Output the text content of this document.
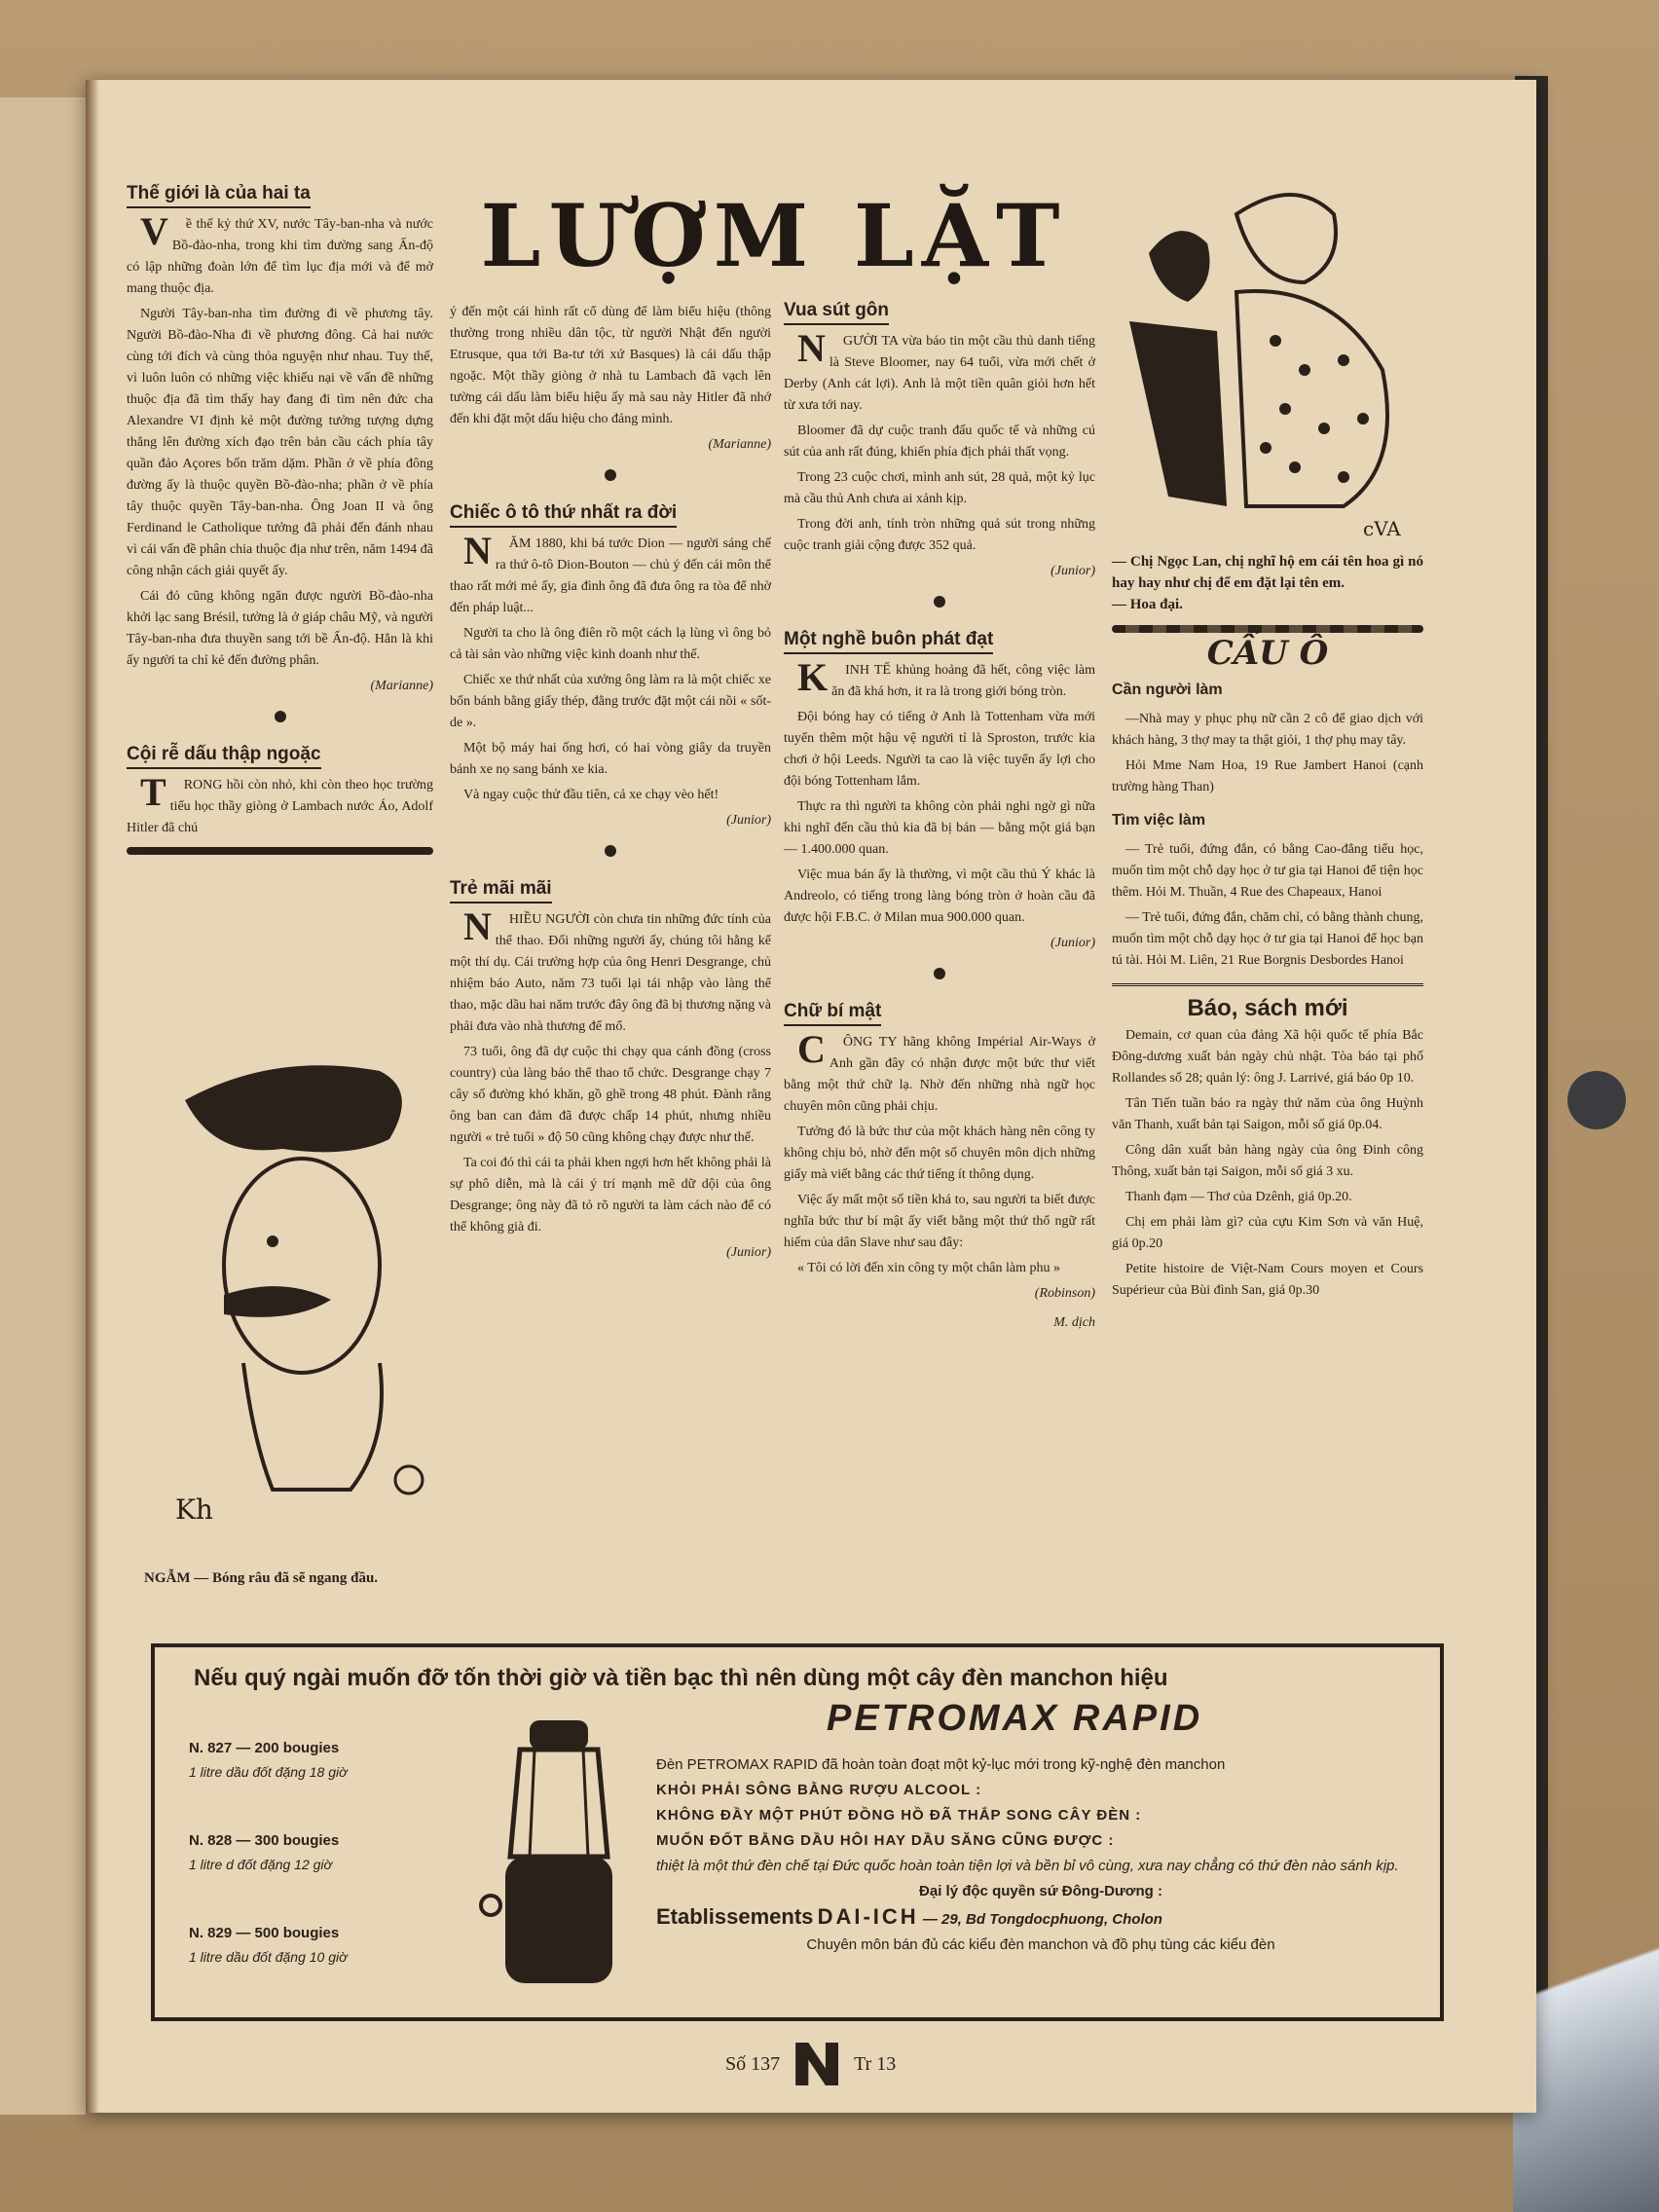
LƯỢM LẶT
Thế giới là của hai ta

Về thế kỷ thứ XV, nước Tây-ban-nha và nước Bồ-đào-nha, trong khi tìm đường sang Ấn-độ có lập những đoàn lớn để tìm lục địa mới và để mở mang thuộc địa.

Người Tây-ban-nha tìm đường đi về phương tây. Người Bồ-đào-Nha đi về phương đông. Cả hai nước cùng tới đích và cùng thỏa nguyện như nhau. Tuy thế, vì luôn luôn có những việc khiếu nại về vấn đề những thuộc địa đã tìm thấy hay đang đi tìm nên đức cha Alexandre VI định kẻ một đường tưởng tượng dựng thẳng lên đường xích đạo trên bản cầu cách phía tây quần đảo Açores bốn trăm dặm. Phần ở về phía đông đường ấy là thuộc quyền Bồ-đào-nha; phần ở về phía tây thuộc quyền Tây-ban-nha. Ông Joan II và ông Ferdinand le Catholique tưởng đã phải đến đánh nhau vì cái vấn đề phân chia thuộc địa như trên, năm 1494 đã công nhận cách giải quyết ấy.

Cái đó cũng không ngăn được người Bồ-đào-nha khởi lạc sang Brésil, tưởng là ở giáp châu Mỹ, và người Tây-ban-nha đưa thuyền sang tới bề Ấn-độ. Hẳn là khi ấy người ta chỉ kẻ đến đường phân.

(Marianne)
Cội rễ dấu thập ngoặc

TRONG hồi còn nhỏ, khi còn theo học trường tiểu học thầy giòng ở Lambach nước Áo, Adolf Hitler đã chú

Kh
NGẪM — Bóng râu đã sẽ ngang đầu.

ý đến một cái hình rất cổ dùng để làm biểu hiệu (thông thường trong nhiều dân tộc, từ người Nhật đến người Etrusque, qua tới Ba-tư tới xứ Basques) là cái dấu thập ngoặc. Một thầy giòng ở nhà tu Lambach đã vạch lên tường cái dấu làm biểu hiệu ấy mà sau này Hitler đã nhớ đến khi đặt một dấu hiệu cho đảng mình.

(Marianne)
Chiếc ô tô thứ nhất ra đời

NĂM 1880, khi bá tước Dion — người sáng chế ra thứ ô-tô Dion-Bouton — chủ ý đến cái môn thể thao rất mới mẻ ấy, gia đình ông đã đưa ông ra tòa để nhờ đến pháp luật...

Người ta cho là ông điên rồ một cách lạ lùng vì ông bỏ cả tài sản vào những việc kinh doanh như thế.

Chiếc xe thứ nhất của xưởng ông làm ra là một chiếc xe bốn bánh bằng giấy thép, đằng trước đặt một cái nồi « sốt-de ».

Một bộ máy hai ống hơi, có hai vòng giây da truyền bánh xe nọ sang bánh xe kia.

Và ngay cuộc thử đầu tiên, cả xe chạy vèo hết!

(Junior)
Trẻ mãi mãi

NHIỀU NGƯỜI còn chưa tin những đức tính của thể thao. Đối những người ấy, chúng tôi hằng kể một thí dụ. Cái trường hợp của ông Henri Desgrange, chủ nhiệm báo Auto, năm 73 tuổi lại tái nhập vào làng thể thao, mặc dầu hai năm trước đây ông đã bị thương nặng và phải đưa vào nhà thương để mổ.

73 tuổi, ông đã dự cuộc thi chạy qua cánh đồng (cross country) của làng báo thể thao tổ chức. Desgrange chạy 7 cây số đường khó khăn, gồ ghề trong 48 phút. Đành rằng ông ban can đảm đã được chấp 14 phút, nhưng nhiều người « trẻ tuổi » độ 50 cũng không chạy được như thế.

Ta coi đó thì cái ta phải khen ngợi hơn hết không phải là sự phô diễn, mà là cái ý trí mạnh mẽ dữ dội của ông Desgrange; ông này đã tỏ rõ người ta làm cách nào để có thể không già đi.

(Junior)
Vua sút gôn

NGƯỜI TA vừa báo tin một cầu thủ danh tiếng là Steve Bloomer, nay 64 tuổi, vừa mới chết ở Derby (Anh cát lợi). Anh là một tiền quân giỏi hơn hết từ xưa tới nay.

Bloomer đã dự cuộc tranh đấu quốc tế và những cú sút của anh rất đúng, khiến phía địch phải thất vọng.

Trong 23 cuộc chơi, mình anh sút, 28 quả, một kỷ lục mà cầu thủ Anh chưa ai xảnh kịp.

Trong đời anh, tính tròn những quả sút trong những cuộc tranh giải cộng được 352 quả.

(Junior)
Một nghề buôn phát đạt

KINH TẾ khủng hoảng đã hết, công việc làm ăn đã khá hơn, it ra là trong giới bóng tròn.

Đội bóng hay có tiếng ở Anh là Tottenham vừa mới tuyển thêm một hậu vệ người tỉ là Sproston, trước kia chơi ở hội Leeds. Người ta cao là việc tuyển ấy lợi cho đội bóng Tottenham lắm.

Thực ra thì người ta không còn phải nghi ngờ gì nữa khi nghĩ đến cầu thủ kia đã bị bán — bằng một giá bạn — 1.400.000 quan.

Việc mua bán ấy là thường, vì một cầu thủ Ý khác là Andreolo, có tiếng trong làng bóng tròn ở hoàn cầu đã được hội F.B.C. ở Milan mua 900.000 quan.

(Junior)
Chữ bí mật

CÔNG TY hãng không Impérial Air-Ways ở Anh gần đây có nhận được một bức thư viết bằng một thứ chữ lạ. Nhờ đến những nhà ngữ học chuyên môn cũng phải chịu.

Tưởng đó là bức thư của một khách hàng nên công ty không chịu bỏ, nhờ đến một số chuyên môn dịch những giấy mà viết bằng các thứ tiếng ít thông dụng.

Việc ấy mất một số tiền khá to, sau người ta biết được nghĩa bức thư bí mật ấy viết bằng một thứ thổ ngữ rất hiếm của dân Slave như sau đây:

« Tôi có lời đến xin công ty một chân làm phu »

(Robinson)
M. dịch
cVA
— Chị Ngọc Lan, chị nghĩ hộ em cái tên hoa gì nó hay hay như chị để em đặt lại tên em.
— Hoa đại.
CẦU Ô
Cần người làm

—Nhà may y phục phụ nữ cần 2 cô để giao dịch với khách hàng, 3 thợ may ta thật giỏi, 1 thợ phụ may tây.

Hỏi Mme Nam Hoa, 19 Rue Jambert Hanoi (cạnh trường hàng Than)

Tìm việc làm

— Trẻ tuổi, đứng đắn, có bằng Cao-đẳng tiểu học, muốn tìm một chỗ dạy học ở tư gia tại Hanoi để tiện học thêm. Hỏi M. Thuần, 4 Rue des Chapeaux, Hanoi

— Trẻ tuổi, đứng đắn, chăm chỉ, có bằng thành chung, muốn tìm một chỗ dạy học ở tư gia tại Hanoi để học bạn tú tài. Hỏi M. Liên, 21 Rue Borgnis Desbordes Hanoi

Báo, sách mới

Demain, cơ quan của đảng Xã hội quốc tế phía Bắc Đông-dương xuất bản ngày chủ nhật. Tòa báo tại phố Rollandes số 28; quản lý: ông J. Larrivé, giá báo 0p 10.

Tân Tiến tuần báo ra ngày thứ năm của ông Huỳnh văn Thanh, xuất bản tại Saigon, mỗi số giá 0p.04.

Công dân xuất bản hàng ngày của ông Đinh công Thông, xuất bản tại Saigon, mỗi số giá 3 xu.

Thanh đạm — Thơ của Dzênh, giá 0p.20.

Chị em phải làm gì? của cựu Kim Sơn và văn Huệ, giá 0p.20

Petite histoire de Việt-Nam Cours moyen et Cours Supérieur của Bùi đình San, giá 0p.30

Nếu quý ngài muốn đỡ tốn thời giờ và tiền bạc thì nên dùng một cây đèn manchon hiệu
PETROMAX RAPID
N. 827 — 200 bougies
1 litre dầu đốt đặng 18 giờ
N. 828 — 300 bougies
1 litre d đốt đặng 12 giờ
N. 829 — 500 bougies
1 litre dầu đốt đặng 10 giờ
Đèn PETROMAX RAPID đã hoàn toàn đoạt một kỷ-lục mới trong kỹ-nghệ đèn manchon
KHỎI PHẢI SÔNG BẰNG RƯỢU ALCOOL :
KHÔNG ĐẦY MỘT PHÚT ĐỒNG HỒ ĐÃ THẮP SONG CÂY ĐÈN :
MUỐN ĐỐT BẰNG DẦU HÔI HAY DẦU SĂNG CŨNG ĐƯỢC :
thiệt là một thứ đèn chế tại Đức quốc hoàn toàn tiện lợi và bền bỉ vô cùng, xưa nay chẳng có thứ đèn nào sánh kịp.
Đại lý độc quyền sứ Đông-Dương :
Etablissements DAI-ICH — 29, Bd Tongdocphuong, Cholon
Chuyên môn bán đủ các kiểu đèn manchon và đồ phụ tùng các kiểu đèn
Số 137	Tr 13
